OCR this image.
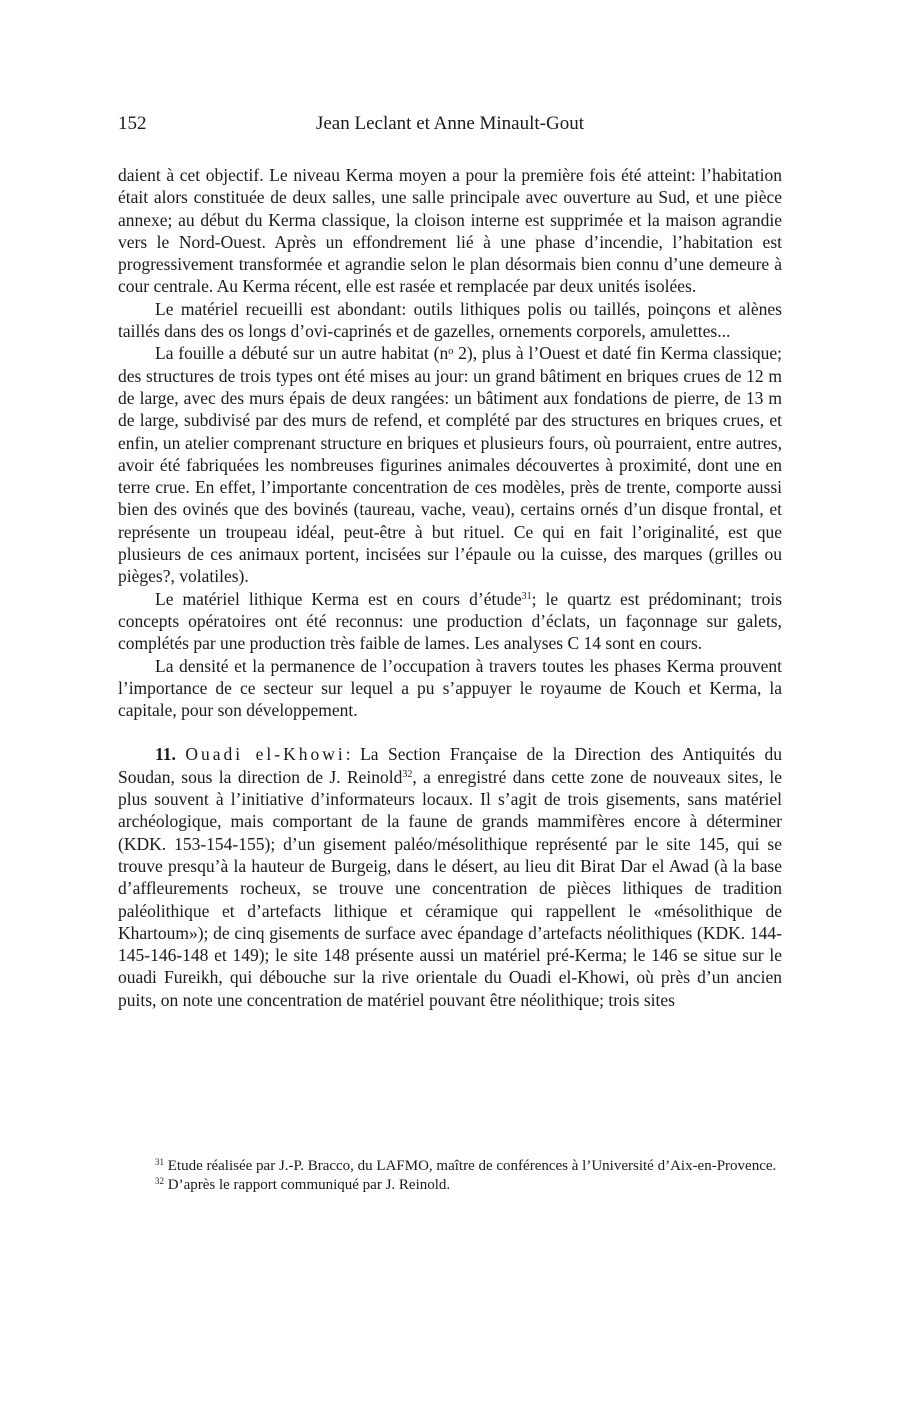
152	Jean Leclant et Anne Minault-Gout

daient à cet objectif. Le niveau Kerma moyen a pour la première fois été atteint: l’habitation était alors constituée de deux salles, une salle principale avec ouverture au Sud, et une pièce annexe; au début du Kerma classique, la cloison interne est supprimée et la maison agrandie vers le Nord-Ouest. Après un effondrement lié à une phase d’incendie, l’habitation est progressivement transformée et agrandie selon le plan désormais bien connu d’une demeure à cour centrale. Au Kerma récent, elle est rasée et remplacée par deux unités isolées.

Le matériel recueilli est abondant: outils lithiques polis ou taillés, poinçons et alènes taillés dans des os longs d’ovi-caprinés et de gazelles, ornements corporels, amulettes...

La fouille a débuté sur un autre habitat (nᵒ 2), plus à l’Ouest et daté fin Kerma classique; des structures de trois types ont été mises au jour: un grand bâtiment en briques crues de 12 m de large, avec des murs épais de deux rangées: un bâtiment aux fondations de pierre, de 13 m de large, subdivisé par des murs de refend, et complété par des structures en briques crues, et enfin, un atelier comprenant structure en briques et plusieurs fours, où pourraient, entre autres, avoir été fabriquées les nombreuses figurines animales découvertes à proximité, dont une en terre crue. En effet, l’importante concentration de ces modèles, près de trente, comporte aussi bien des ovinés que des bovinés (taureau, vache, veau), certains ornés d’un disque frontal, et représente un troupeau idéal, peut-être à but rituel. Ce qui en fait l’originalité, est que plusieurs de ces animaux portent, incisées sur l’épaule ou la cuisse, des marques (grilles ou pièges?, volatiles).

Le matériel lithique Kerma est en cours d’étude$^{31}$; le quartz est prédominant; trois concepts opératoires ont été reconnus: une production d’éclats, un façonnage sur galets, complétés par une production très faible de lames. Les analyses C 14 sont en cours.

La densité et la permanence de l’occupation à travers toutes les phases Kerma prouvent l’importance de ce secteur sur lequel a pu s’appuyer le royaume de Kouch et Kerma, la capitale, pour son développement.

11. Ouadi el-Khowi: La Section Française de la Direction des Antiquités du Soudan, sous la direction de J. Reinold$^{32}$, a enregistré dans cette zone de nouveaux sites, le plus souvent à l’initiative d’informateurs locaux. Il s’agit de trois gisements, sans matériel archéologique, mais comportant de la faune de grands mammifères encore à déterminer (KDK. 153-154-155); d’un gisement paléo/mésolithique représenté par le site 145, qui se trouve presqu’à la hauteur de Burgeig, dans le désert, au lieu dit Birat Dar el Awad (à la base d’affleurements rocheux, se trouve une concentration de pièces lithiques de tradition paléolithique et d’artefacts lithique et céramique qui rappellent le «mésolithique de Khartoum»); de cinq gisements de surface avec épandage d’artefacts néolithiques (KDK. 144-145-146-148 et 149); le site 148 présente aussi un matériel pré-Kerma; le 146 se situe sur le ouadi Fureikh, qui débouche sur la rive orientale du Ouadi el-Khowi, où près d’un ancien puits, on note une concentration de matériel pouvant être néolithique; trois sites

$^{31}$ Etude réalisée par J.-P. Bracco, du LAFMO, maître de conférences à l’Université d’Aix-en-Provence.

$^{32}$ D’après le rapport communiqué par J. Reinold.
